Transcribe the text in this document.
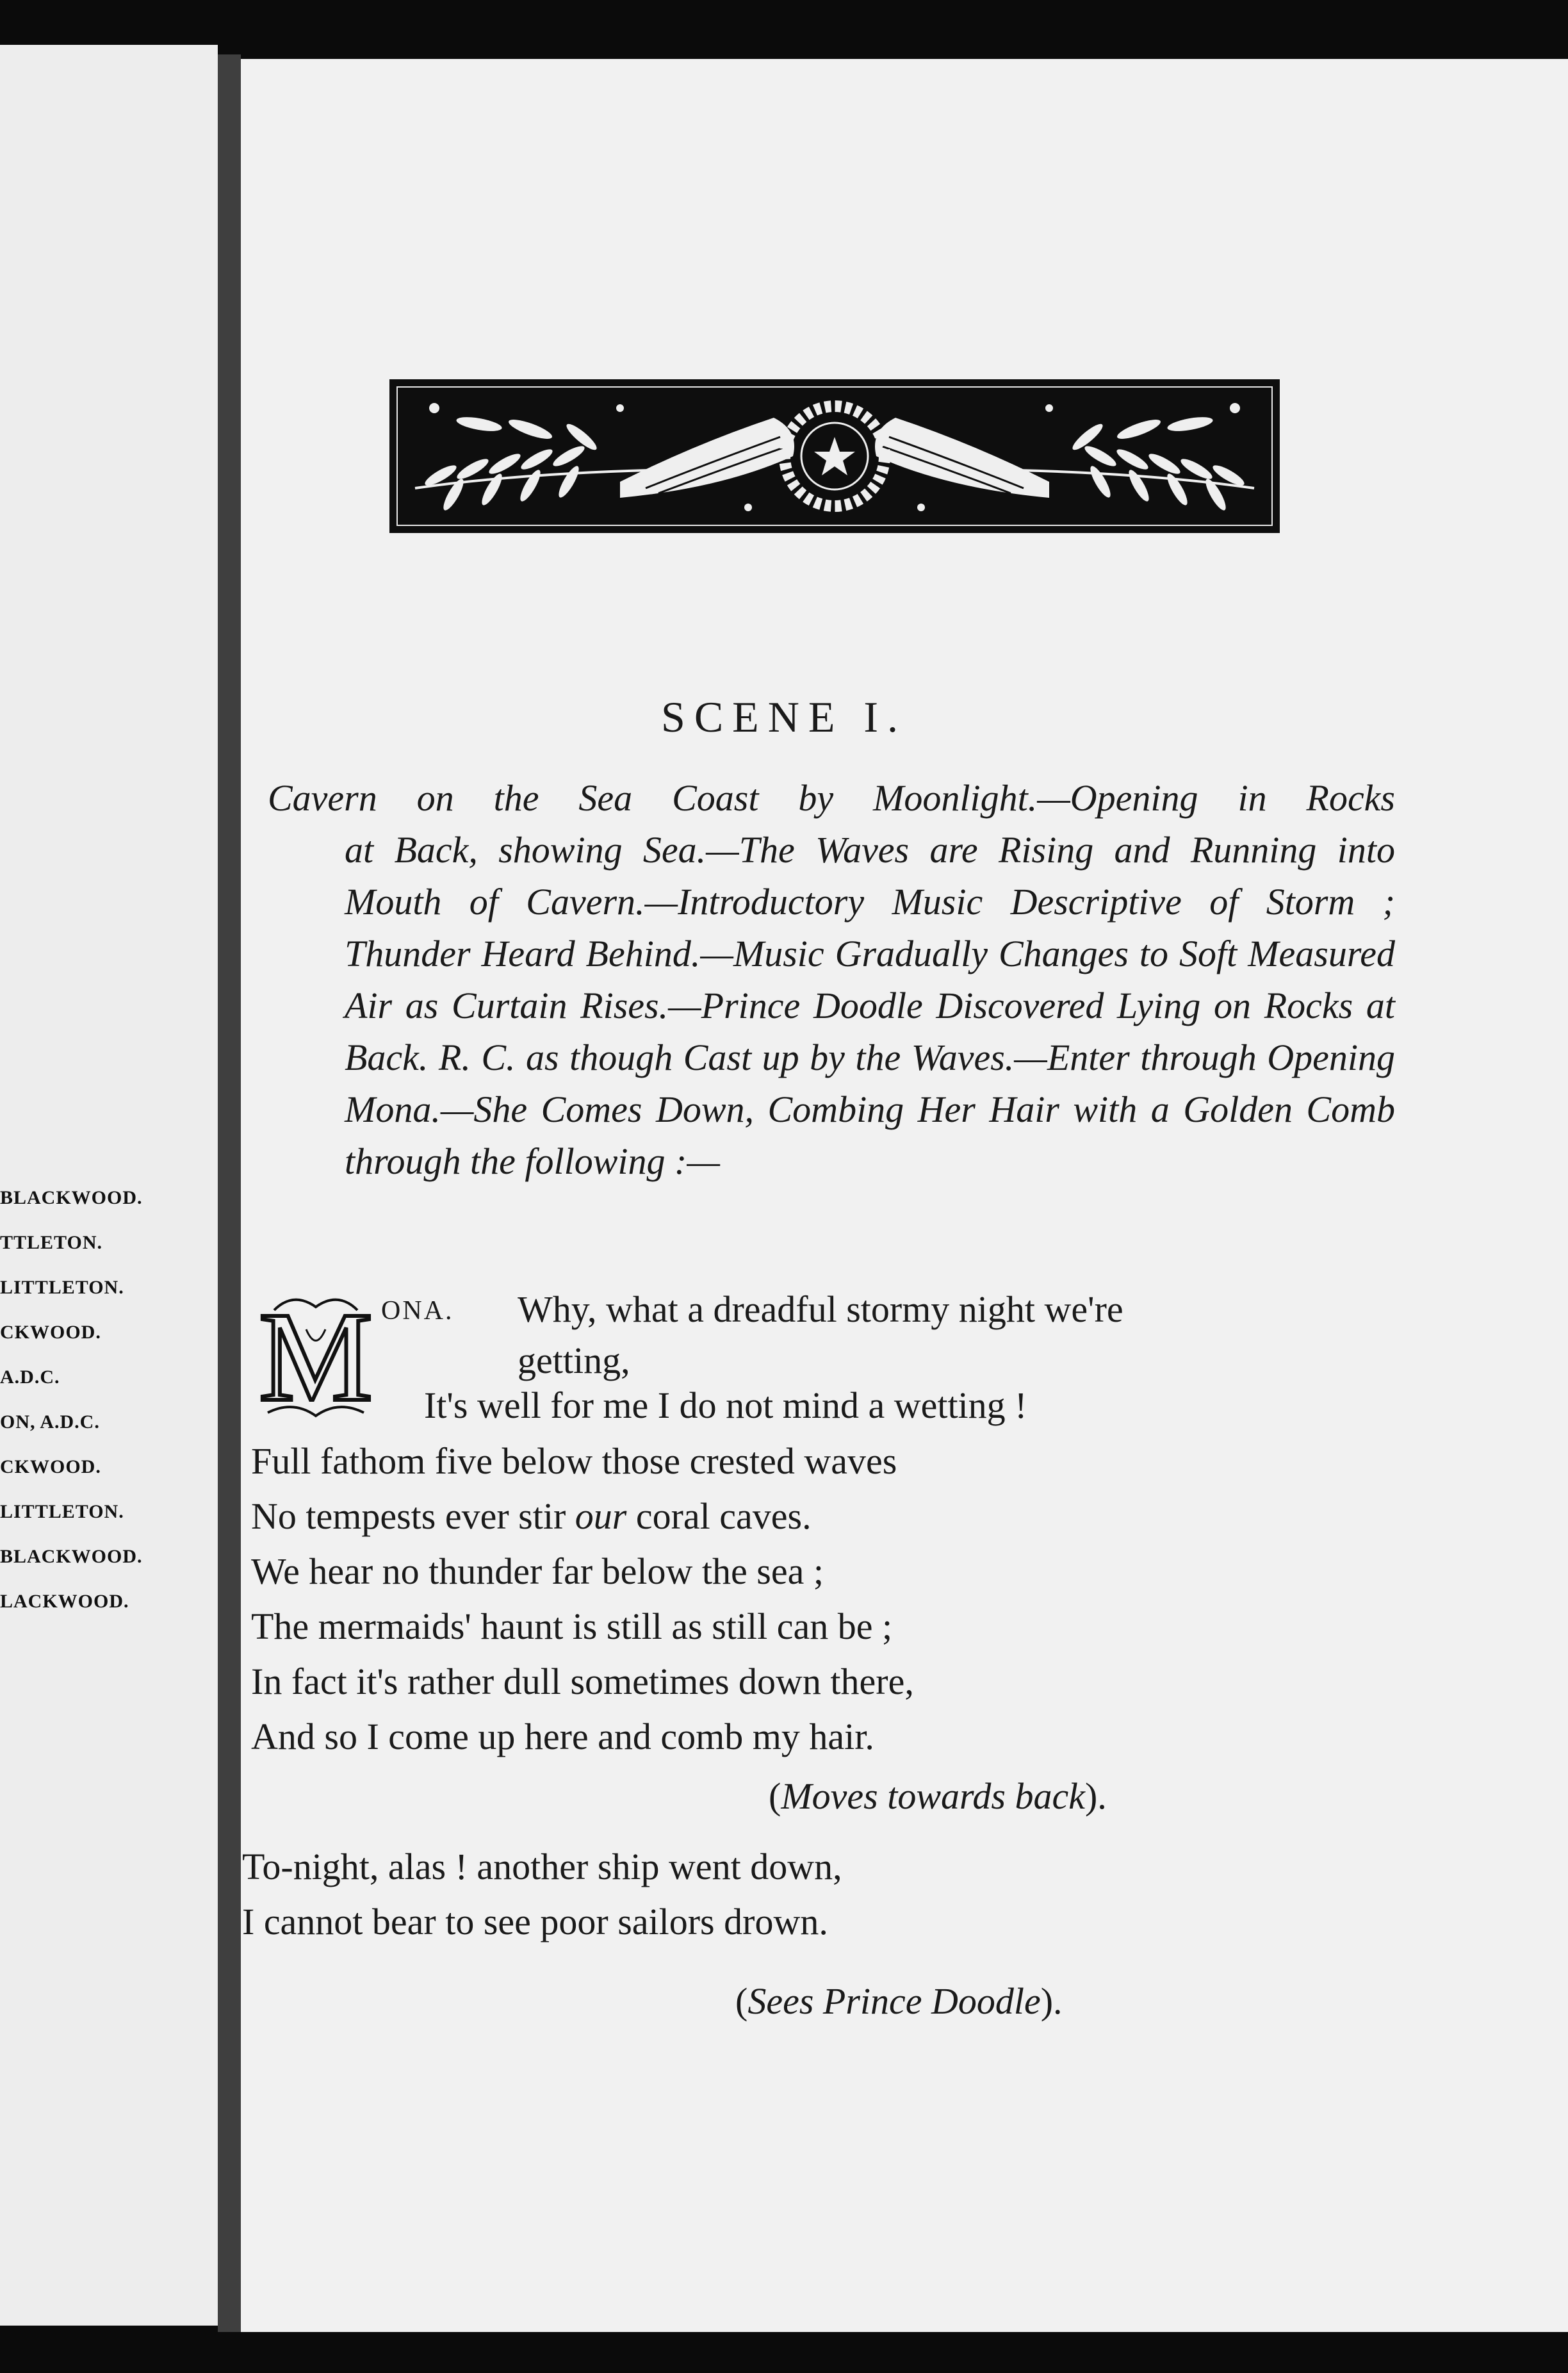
BLACKWOOD.
TTLETON.
LITTLETON.
CKWOOD.
A.D.C.
ON, A.D.C.
CKWOOD.
LITTLETON.
BLACKWOOD.
LACKWOOD.
SCENE I.
Cavern on the Sea Coast by Moonlight.—Opening in Rocks
at Back, showing Sea.—The Waves are Rising and Running into Mouth of Cavern.—Introductory Music Descriptive of Storm ; Thunder Heard Behind.—Music Gradually Changes to Soft Measured Air as Curtain Rises.—Prince Doodle Discovered Lying on Rocks at Back. R. C. as though Cast up by the Waves.—Enter through Opening Mona.—She Comes Down, Combing Her Hair with a Golden Comb through the following :—
M ONA. Why, what a dreadful stormy night we're
getting,
It's well for me I do not mind a wetting !
Full fathom five below those crested waves
No tempests ever stir our coral caves.
We hear no thunder far below the sea ;
The mermaids' haunt is still as still can be ;
In fact it's rather dull sometimes down there,
And so I come up here and comb my hair.
(Moves towards back).
To-night, alas ! another ship went down,
I cannot bear to see poor sailors drown.
(Sees Prince Doodle).
